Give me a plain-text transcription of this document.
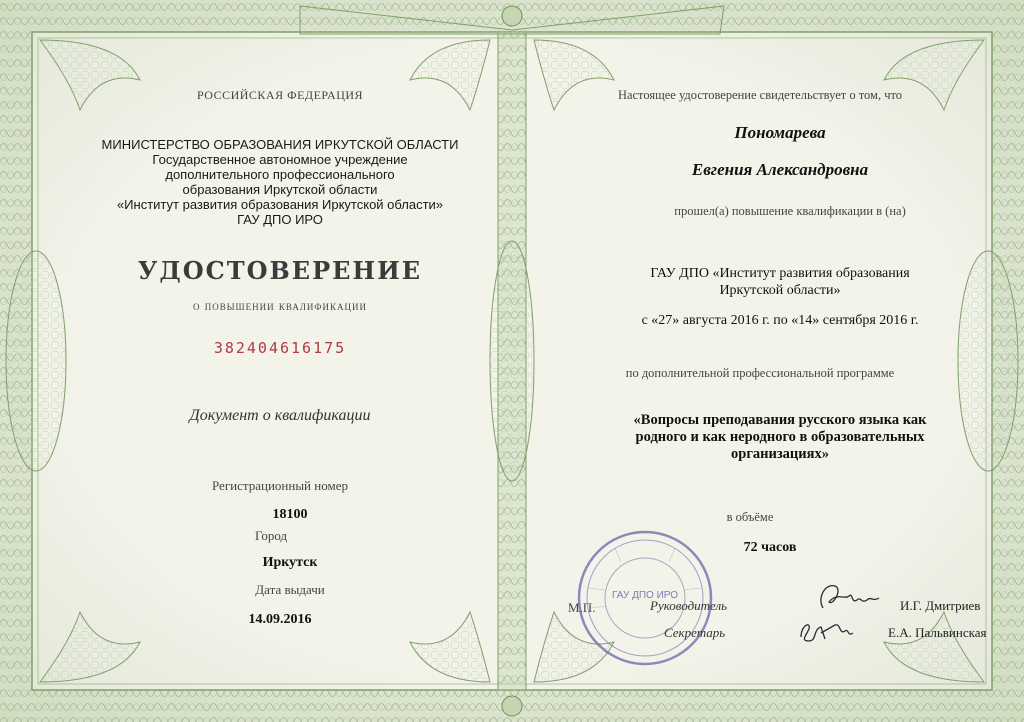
РОССИЙСКАЯ ФЕДЕРАЦИЯ
МИНИСТЕРСТВО ОБРАЗОВАНИЯ ИРКУТСКОЙ ОБЛАСТИ
Государственное автономное учреждение
дополнительного профессионального
образования Иркутской области
«Институт развития образования Иркутской области»
ГАУ ДПО ИРО
УДОСТОВЕРЕНИЕ
о повышении квалификации
382404616175
Документ о квалификации
Регистрационный номер
18100
Город
Иркутск
Дата выдачи
14.09.2016
Настоящее удостоверение свидетельствует о том, что
Пономарева
Евгения Александровна
прошел(а) повышение квалификации в (на)
ГАУ ДПО «Институт развития образования
Иркутской области»
с «27» августа 2016 г. по «14» сентября 2016 г.
по дополнительной профессиональной программе
«Вопросы преподавания русского языка как
родного и как неродного в образовательных
организациях»
в объёме
72 часов
ГАУ ДПО ИРО
М.П.	Руководитель
Секретарь
И.Г. Дмитриев
Е.А. Пальвинская
